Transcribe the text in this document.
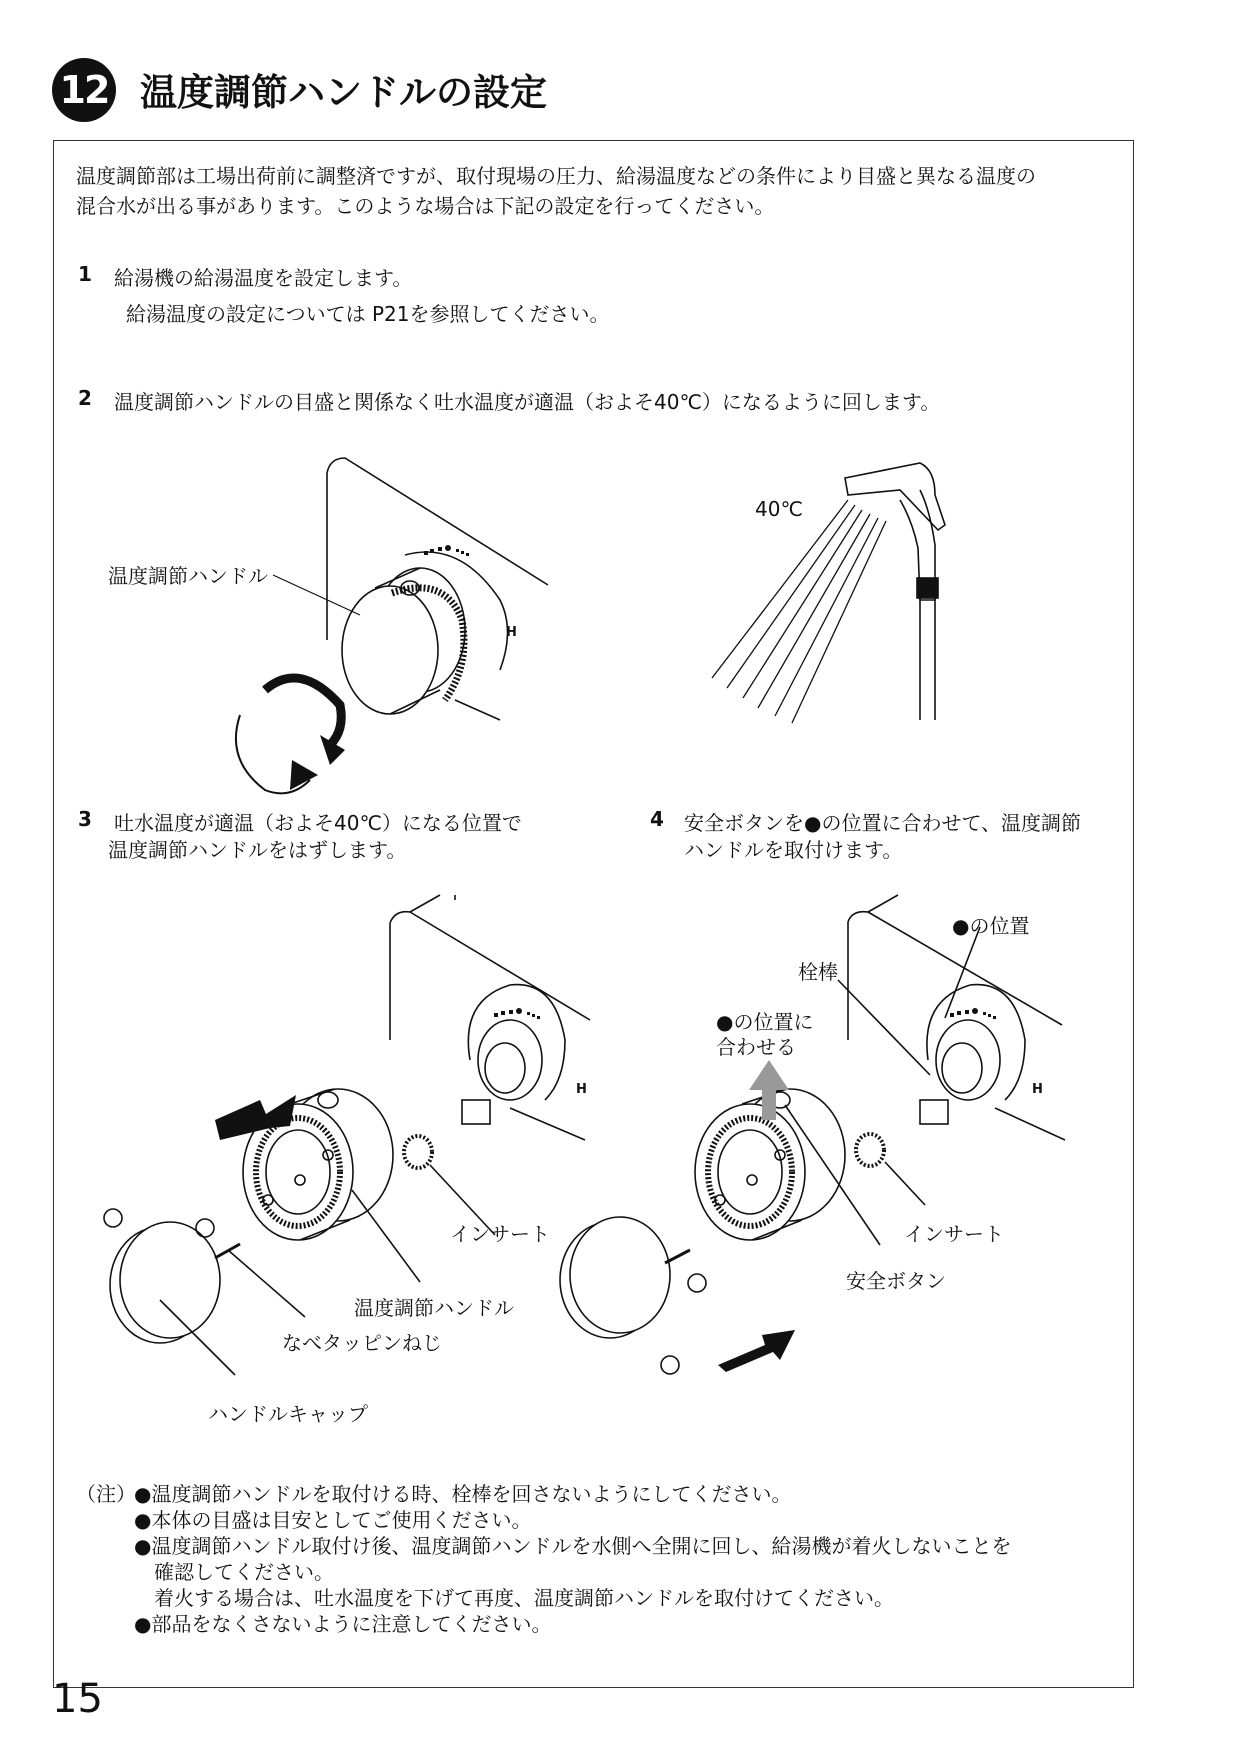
12 温度調節ハンドルの設定
温度調節部は工場出荷前に調整済ですが、取付現場の圧力、給湯温度などの条件により目盛と異なる温度の
混合水が出る事があります。このような場合は下記の設定を行ってください。
1 給湯機の給湯温度を設定します。
給湯温度の設定については P21を参照してください。
2 温度調節ハンドルの目盛と関係なく吐水温度が適温（およそ40℃）になるように回します。
温度調節ハンドル
H
40℃
3 吐水温度が適温（およそ40℃）になる位置で
温度調節ハンドルをはずします。
4 安全ボタンを●の位置に合わせて、温度調節
ハンドルを取付けます。
H
インサート
温度調節ハンドル
なべタッピンねじ
ハンドルキャップ
H
●の位置
栓棒
●の位置に
合わせる
インサート
安全ボタン
（注）
●温度調節ハンドルを取付ける時、栓棒を回さないようにしてください。
●本体の目盛は目安としてご使用ください。
●温度調節ハンドル取付け後、温度調節ハンドルを水側へ全開に回し、給湯機が着火しないことを
確認してください。
着火する場合は、吐水温度を下げて再度、温度調節ハンドルを取付けてください。
●部品をなくさないように注意してください。
15
